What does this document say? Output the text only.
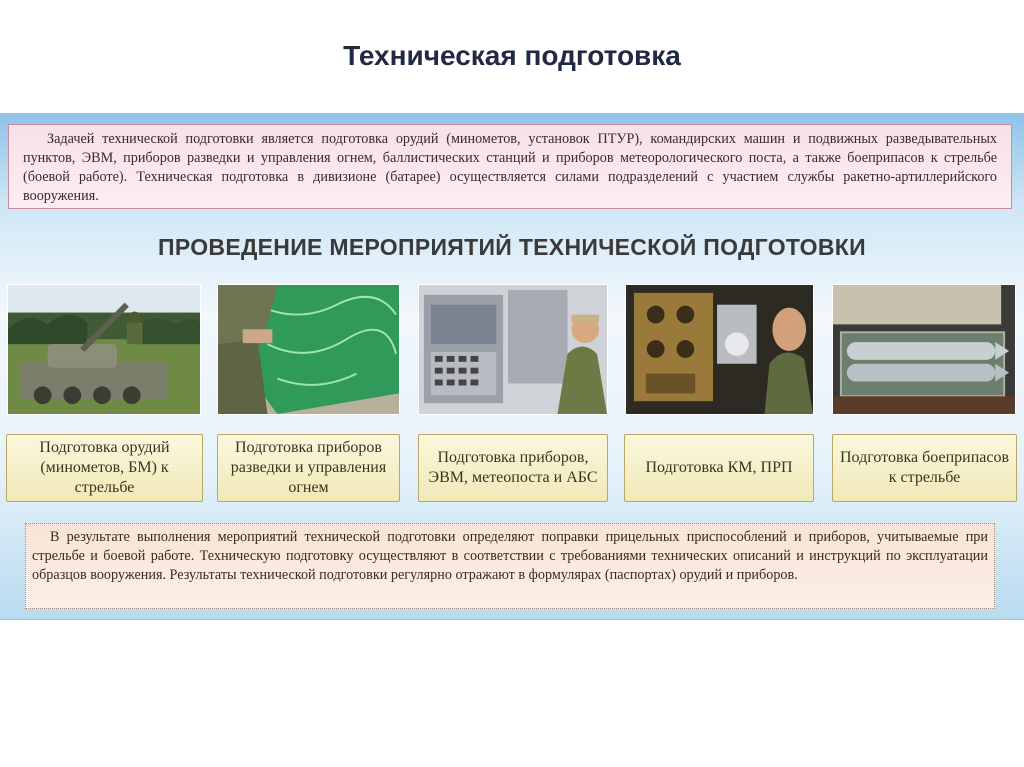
Техническая подготовка
Задачей технической подготовки является подготовка орудий (минометов, установок ПТУР), командирских машин и подвижных разведывательных пунктов, ЭВМ, приборов разведки и управления огнем, баллистических станций и приборов метеорологического поста, а также боеприпасов к стрельбе (боевой работе). Техническая подготовка в дивизионе (батарее) осуществляется силами подразделений с участием службы ракетно-артиллерийского вооружения.
ПРОВЕДЕНИЕ МЕРОПРИЯТИЙ ТЕХНИЧЕСКОЙ ПОДГОТОВКИ
Подготовка орудий (минометов, БМ) к стрельбе
Подготовка приборов разведки и управления огнем
Подготовка приборов, ЭВМ, метеопоста и АБС
Подготовка КМ, ПРП
Подготовка боеприпасов к стрельбе
В результате выполнения мероприятий технической подготовки определяют поправки прицельных приспособлений и приборов, учитываемые при стрельбе и боевой работе. Техническую подготовку осуществляют в соответствии с требованиями технических описаний и инструкций по эксплуатации образцов вооружения. Результаты технической подготовки регулярно отражают в формулярах (паспортах) орудий и приборов.
